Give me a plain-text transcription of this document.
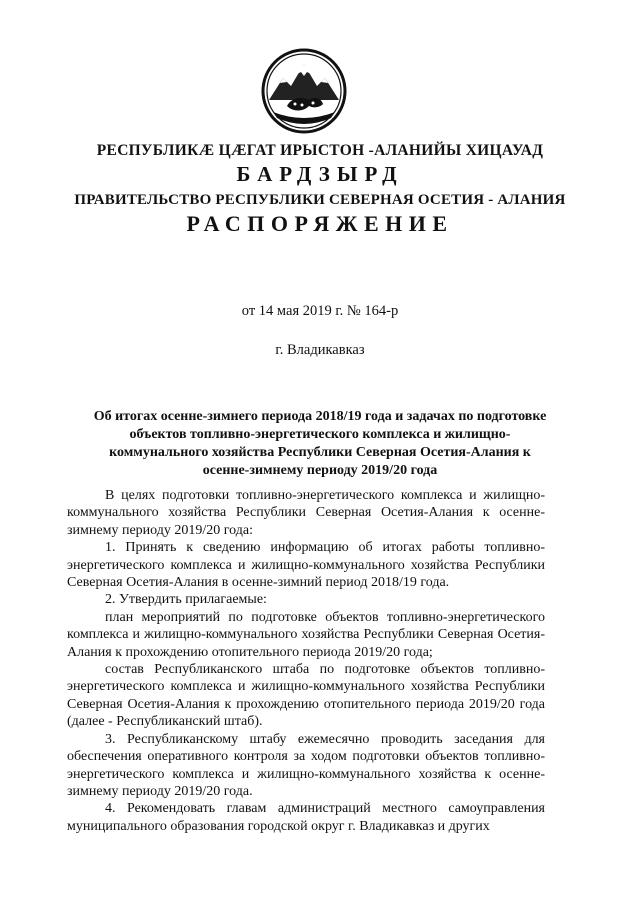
РЕСПУБЛИКÆ ЦÆГАТ ИРЫСТОН -АЛАНИЙЫ ХИЦАУАД
БАРДЗЫРД
ПРАВИТЕЛЬСТВО РЕСПУБЛИКИ СЕВЕРНАЯ ОСЕТИЯ - АЛАНИЯ
РАСПОРЯЖЕНИЕ
от 14 мая 2019 г. № 164-р
г. Владикавказ
Об итогах осенне-зимнего периода 2018/19 года и задачах по подготовке объектов топливно-энергетического комплекса и жилищно-коммунального хозяйства Республики Северная Осетия-Алания к осенне-зимнему периоду 2019/20 года

В целях подготовки топливно-энергетического комплекса и жилищно-коммунального хозяйства Республики Северная Осетия-Алания к осенне-зимнему периоду 2019/20 года:

1. Принять к сведению информацию об итогах работы топливно-энергетического комплекса и жилищно-коммунального хозяйства Республики Северная Осетия-Алания в осенне-зимний период 2018/19 года.

2. Утвердить прилагаемые:

план мероприятий по подготовке объектов топливно-энергетического комплекса и жилищно-коммунального хозяйства Республики Северная Осетия-Алания к прохождению отопительного периода 2019/20 года;

состав Республиканского штаба по подготовке объектов топливно-энергетического комплекса и жилищно-коммунального хозяйства Республики Северная Осетия-Алания к прохождению отопительного периода 2019/20 года (далее - Республиканский штаб).

3. Республиканскому штабу ежемесячно проводить заседания для обеспечения оперативного контроля за ходом подготовки объектов топливно-энергетического комплекса и жилищно-коммунального хозяйства к осенне-зимнему периоду 2019/20 года.

4. Рекомендовать главам администраций местного самоуправления муниципального образования городской округ г. Владикавказ и других
